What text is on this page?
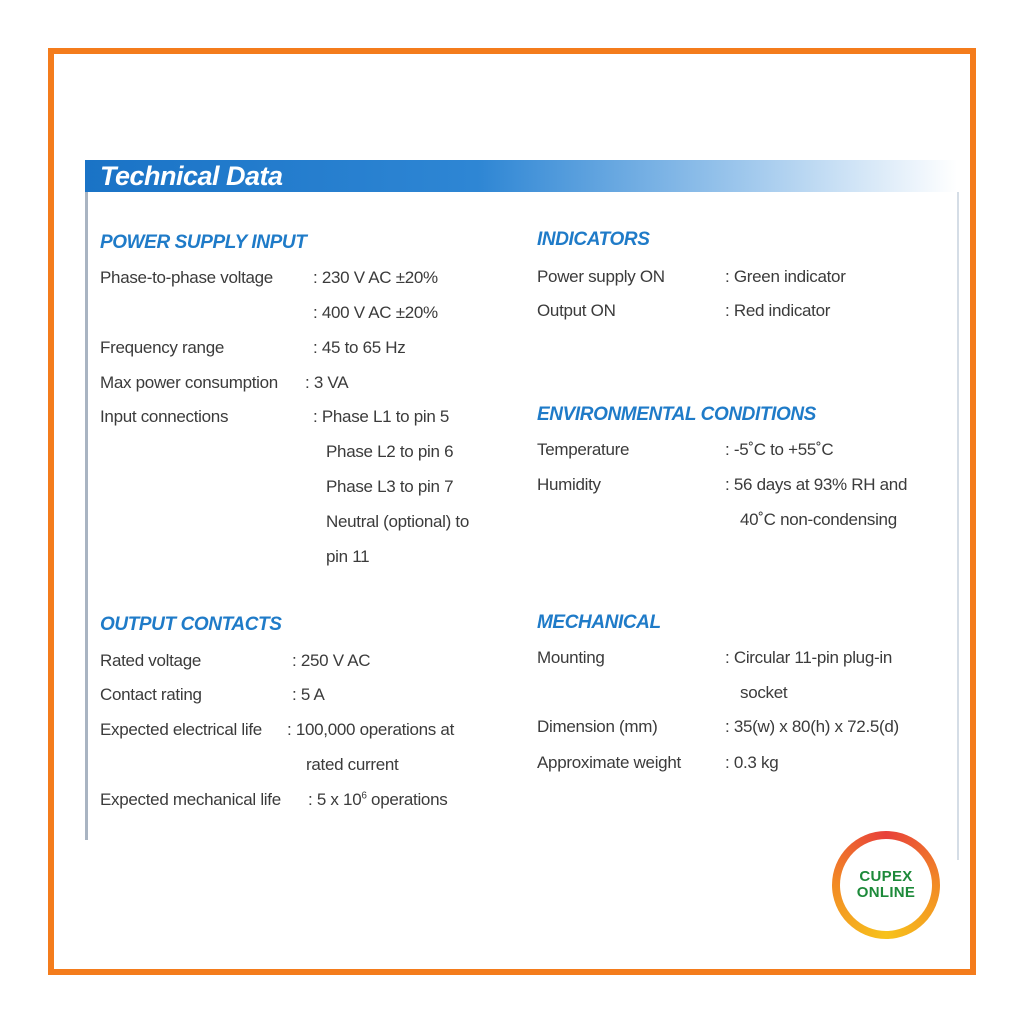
Technical Data
POWER SUPPLY INPUT
Phase-to-phase voltage : 230 V AC ±20%
: 400 V AC ±20%
Frequency range	: 45 to 65 Hz
Max power consumption : 3 VA
Input connections	: Phase L1 to pin 5
Phase L2 to pin 6
Phase L3 to pin 7
Neutral (optional) to
pin 11
OUTPUT CONTACTS
Rated voltage	: 250 V AC
Contact rating	: 5 A
Expected electrical life : 100,000 operations at
rated current
Expected mechanical life : 5 x $10^6$ operations
INDICATORS
Power supply ON	: Green indicator
Output ON	: Red indicator
ENVIRONMENTAL CONDITIONS
Temperature	: -5˚C to +55˚C
Humidity	: 56 days at 93% RH and
40˚C non-condensing
MECHANICAL
Mounting	: Circular 11-pin plug-in
socket
Dimension (mm)	: 35(w) x 80(h) x 72.5(d)
Approximate weight	: 0.3 kg
CUPEX
ONLINE
